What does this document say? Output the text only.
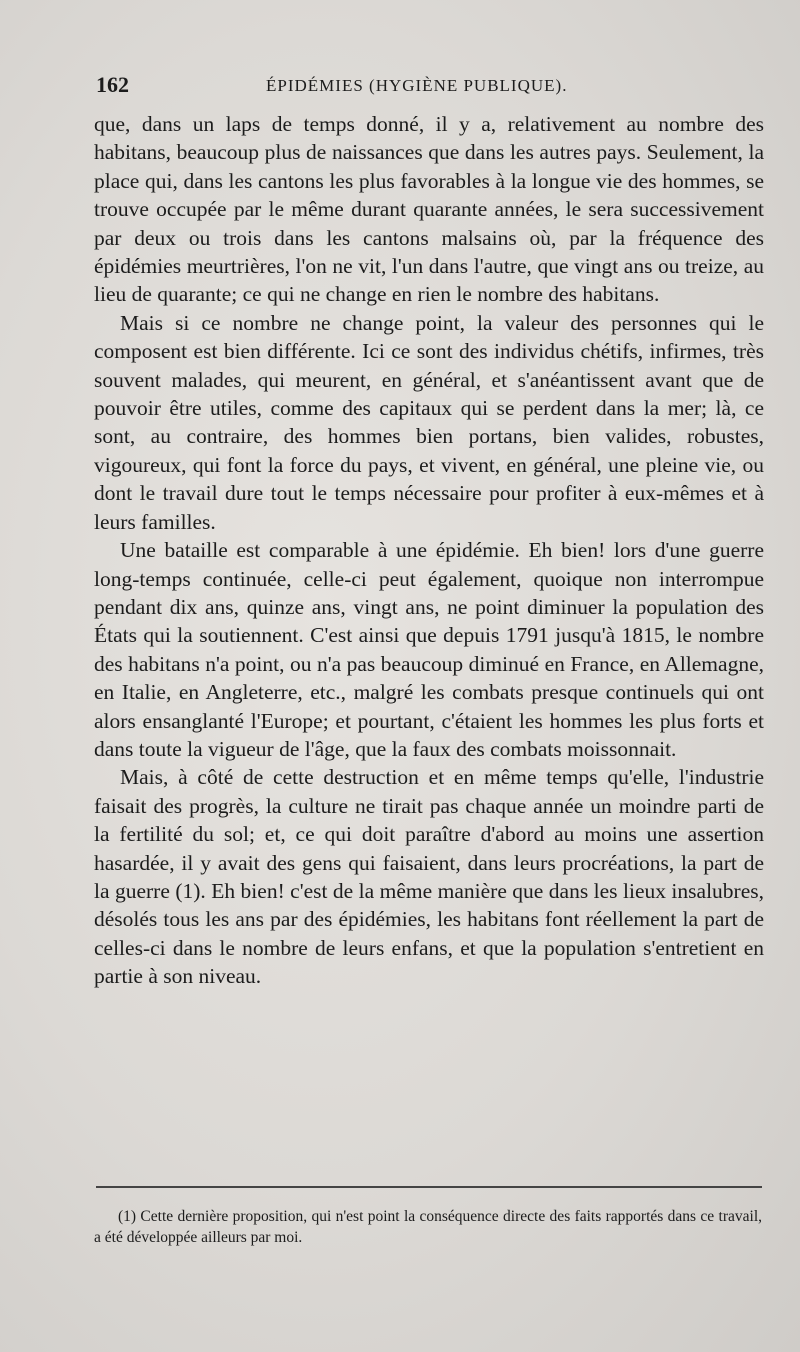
162	ÉPIDÉMIES (HYGIÈNE PUBLIQUE).

que, dans un laps de temps donné, il y a, relativement au nombre des habitans, beaucoup plus de naissances que dans les autres pays. Seulement, la place qui, dans les cantons les plus favorables à la longue vie des hommes, se trouve occupée par le même durant quarante années, le sera successivement par deux ou trois dans les cantons malsains où, par la fréquence des épidémies meurtrières, l'on ne vit, l'un dans l'autre, que vingt ans ou treize, au lieu de quarante; ce qui ne change en rien le nombre des habitans.

Mais si ce nombre ne change point, la valeur des personnes qui le composent est bien différente. Ici ce sont des individus chétifs, infirmes, très souvent malades, qui meurent, en général, et s'anéantissent avant que de pouvoir être utiles, comme des capitaux qui se perdent dans la mer; là, ce sont, au contraire, des hommes bien portans, bien valides, robustes, vigoureux, qui font la force du pays, et vivent, en général, une pleine vie, ou dont le travail dure tout le temps nécessaire pour profiter à eux-mêmes et à leurs familles.

Une bataille est comparable à une épidémie. Eh bien! lors d'une guerre long-temps continuée, celle-ci peut également, quoique non interrompue pendant dix ans, quinze ans, vingt ans, ne point diminuer la population des États qui la soutiennent. C'est ainsi que depuis 1791 jusqu'à 1815, le nombre des habitans n'a point, ou n'a pas beaucoup diminué en France, en Allemagne, en Italie, en Angleterre, etc., malgré les combats presque continuels qui ont alors ensanglanté l'Europe; et pourtant, c'étaient les hommes les plus forts et dans toute la vigueur de l'âge, que la faux des combats moissonnait.

Mais, à côté de cette destruction et en même temps qu'elle, l'industrie faisait des progrès, la culture ne tirait pas chaque année un moindre parti de la fertilité du sol; et, ce qui doit paraître d'abord au moins une assertion hasardée, il y avait des gens qui faisaient, dans leurs procréations, la part de la guerre (1). Eh bien! c'est de la même manière que dans les lieux insalubres, désolés tous les ans par des épidémies, les habitans font réellement la part de celles-ci dans le nombre de leurs enfans, et que la population s'entretient en partie à son niveau.

(1) Cette dernière proposition, qui n'est point la conséquence directe des faits rapportés dans ce travail, a été développée ailleurs par moi.
